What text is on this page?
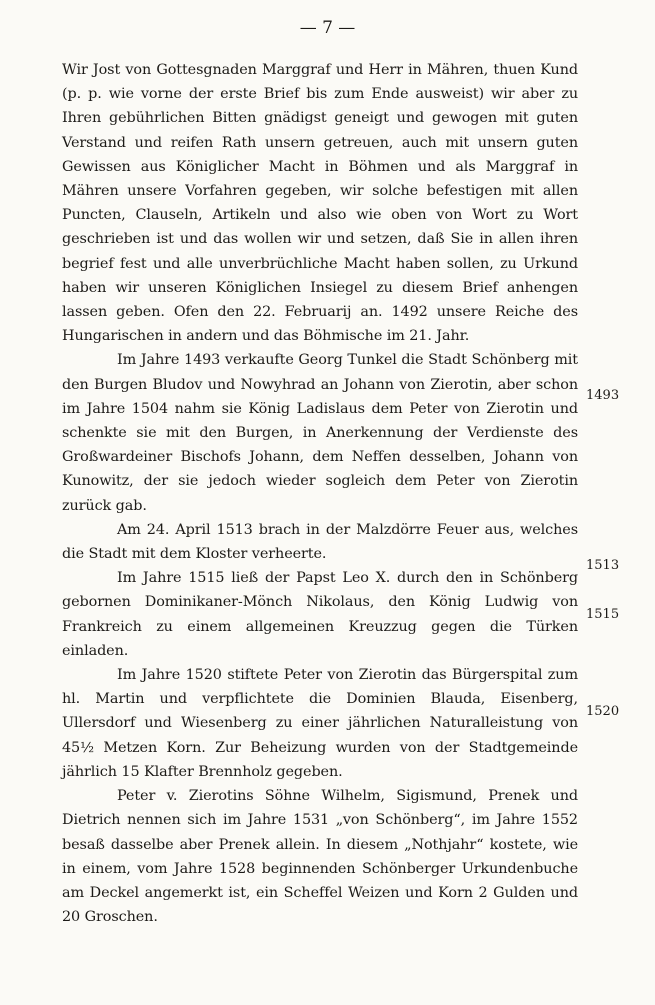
— 7 —
Wir Jost von Gottesgnaden Marggraf und Herr in Mähren, thuen Kund (p. p. wie vorne der erste Brief bis zum Ende ausweist) wir aber zu Ihren gebührlichen Bitten gnädigst geneigt und gewogen mit guten Verstand und reifen Rath unsern getreuen, auch mit unsern guten Gewissen aus Königlicher Macht in Böhmen und als Marggraf in Mähren unsere Vorfahren gegeben, wir solche befestigen mit allen Puncten, Clauseln, Artikeln und also wie oben von Wort zu Wort geschrieben ist und das wollen wir und setzen, daß Sie in allen ihren begrief fest und alle unverbrüchliche Macht haben sollen, zu Urkund haben wir unseren Königlichen Insiegel zu diesem Brief anhengen lassen geben. Ofen den 22. Februarij an. 1492 unsere Reiche des Hungarischen in andern und das Böhmische im 21. Jahr.
Im Jahre 1493 verkaufte Georg Tunkel die Stadt Schönberg mit den Burgen Bludov und Nowyhrad an Johann von Zierotin, aber schon im Jahre 1504 nahm sie König Ladislaus dem Peter von Zierotin und schenkte sie mit den Burgen, in Anerkennung der Verdienste des Großwardeiner Bischofs Johann, dem Neffen desselben, Johann von Kunowitz, der sie jedoch wieder sogleich dem Peter von Zierotin zurück gab.
Am 24. April 1513 brach in der Malzdörre Feuer aus, welches die Stadt mit dem Kloster verheerte.
Im Jahre 1515 ließ der Papst Leo X. durch den in Schönberg gebornen Dominikaner-Mönch Nikolaus, den König Ludwig von Frankreich zu einem allgemeinen Kreuzzug gegen die Türken einladen.
Im Jahre 1520 stiftete Peter von Zierotin das Bürgerspital zum hl. Martin und verpflichtete die Dominien Blauda, Eisenberg, Ullersdorf und Wiesenberg zu einer jährlichen Naturalleistung von 45½ Metzen Korn. Zur Beheizung wurden von der Stadtgemeinde jährlich 15 Klafter Brennholz gegeben.
Peter v. Zierotins Söhne Wilhelm, Sigismund, Prenek und Dietrich nennen sich im Jahre 1531 „von Schönberg“, im Jahre 1552 besaß dasselbe aber Prenek allein. In diesem „Nothjahr“ kostete, wie in einem, vom Jahre 1528 beginnenden Schönberger Urkundenbuche am Deckel angemerkt ist, ein Scheffel Weizen und Korn 2 Gulden und 20 Groschen.
1493
1513
1515
1520
